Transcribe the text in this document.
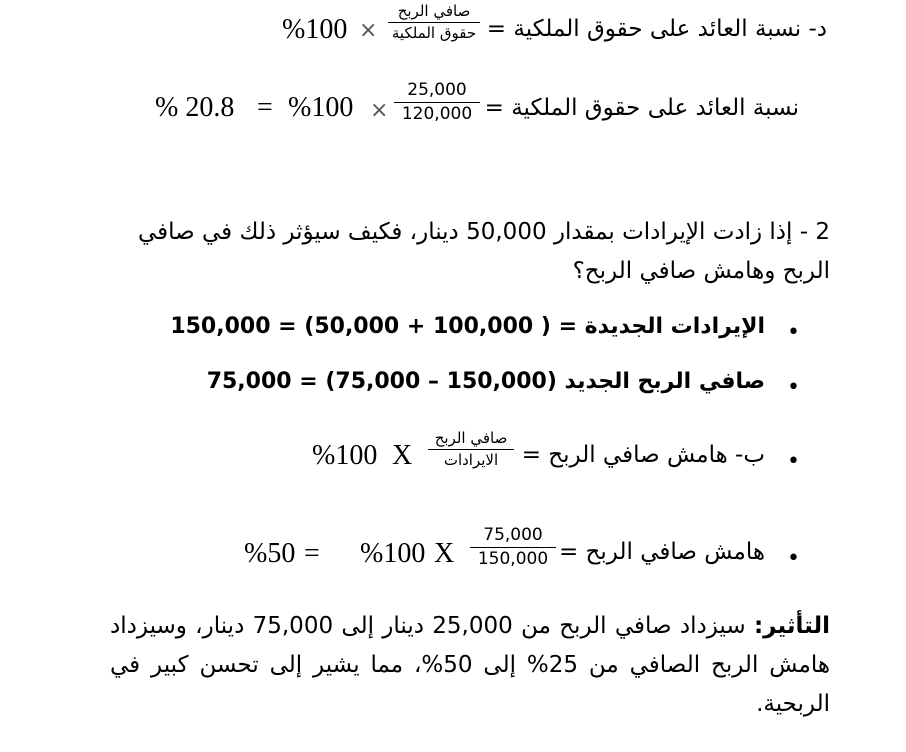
د- نسبة العائد على حقوق الملكية =
صافي الربح
حقوق الملكية
×
%100
نسبة العائد على حقوق الملكية =
25,000
120,000
×
%100
=
% 20.8
2 - إذا زادت الإيرادات بمقدار 50,000 دينار، فكيف سيؤثر ذلك في صافي
الربح وهامش صافي الربح؟
•
الإيرادات الجديدة = ( 100,000 + 50,000) = 150,000
•
صافي الربح الجديد (150,000 – 75,000) = 75,000
•
ب- هامش صافي الربح =
صافي الربح
الايرادات
X
%100
•
هامش صافي الربح =
75,000
150,000
X
%100
=
%50
التأثير: سيزداد صافي الربح من 25,000 دينار إلى 75,000 دينار، وسيزداد هامش الربح الصافي من 25% إلى 50%، مما يشير إلى تحسن كبير في الربحية.
